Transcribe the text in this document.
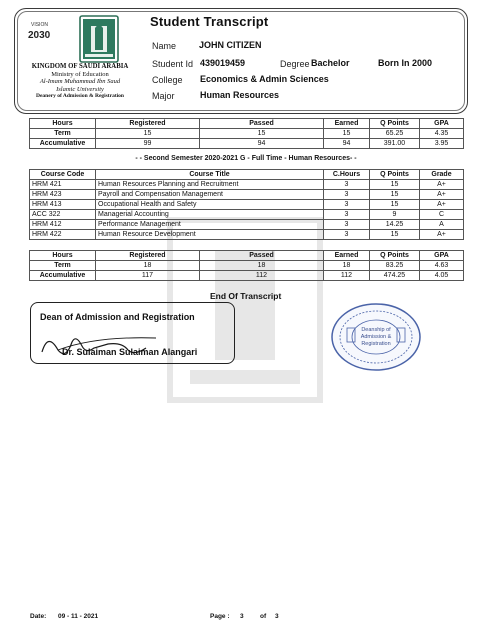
VISION
2030
KINGDOM OF SAUDI ARABIA
Ministry of Education
Al-Imam Muhammad Ibn Saud
Islamic University
Deanery of Admission & Registration
Student Transcript
Name	JOHN CITIZEN
Student Id 439019459	Degree Bachelor	Born In 2000
College Economics & Admin Sciences
Major	Human Resources
Hours	Registered	Passed	Earned	Q Points	GPA
Term	15	15	15	65.25	4.35
Accumulative	99	94	94	391.00	3.95
- - Second Semester 2020-2021 G - Full Time - Human Resources- -
Course Code	Course Title	C.Hours	Q Points	Grade
HRM 421	Human Resources Planning and Recruitment	3	15	A+
HRM 423	Payroll and Compensation Management	3	15	A+
HRM 413	Occupational Health and Safety	3	15	A+
ACC 322	Managerial Accounting	3	9	C
HRM 412	Performance Management	3	14.25	A
HRM 422	Human Resource Development	3	15	A+
Hours	Registered	Passed	Earned	Q Points	GPA
Term	18	18	18	83.25	4.63
Accumulative	117	112	112	474.25	4.05
End Of Transcript
Dean of Admission and Registration
Dr. Sulaiman Sulaiman Alangari
Deanship of
Admission &
Registration
Date: 09 - 11 - 2021	Page : 3	of 3
